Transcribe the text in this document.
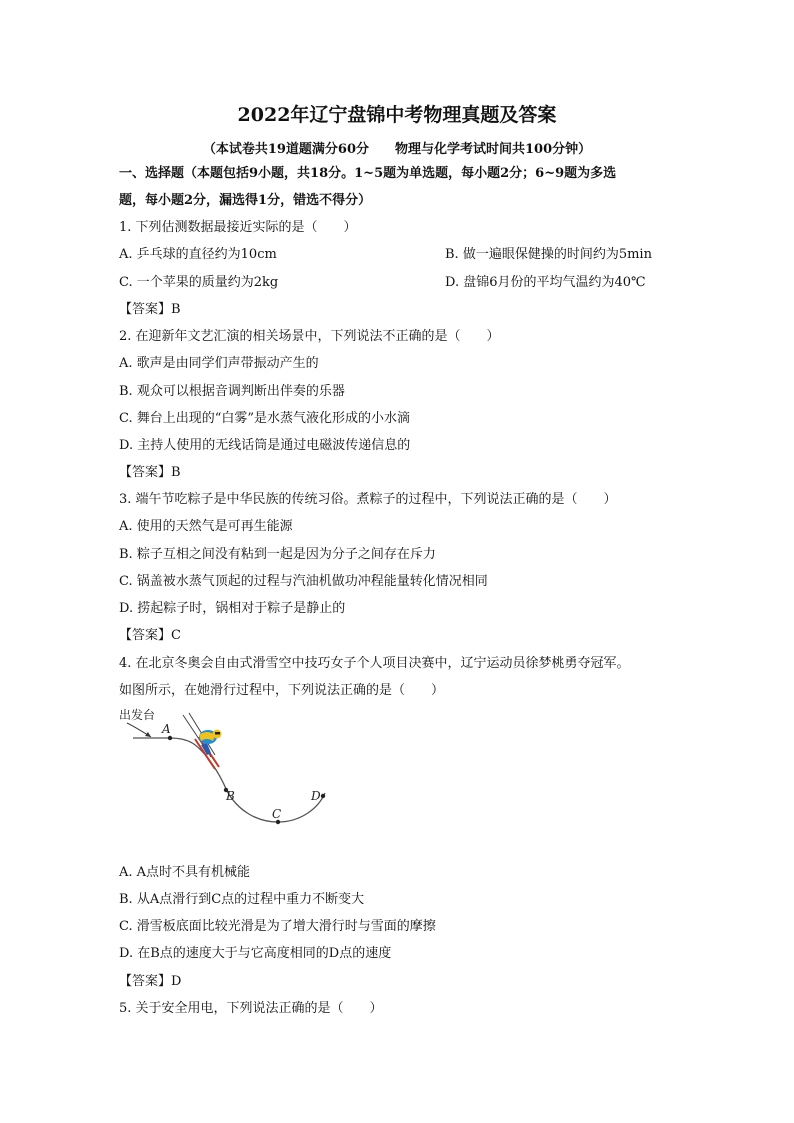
2022年辽宁盘锦中考物理真题及答案
（本试卷共19道题满分60分　　物理与化学考试时间共100分钟）
一、选择题（本题包括9小题，共18分。1~5题为单选题，每小题2分；6~9题为多选
题，每小题2分，漏选得1分，错选不得分）
1. 下列估测数据最接近实际的是（　　）
A. 乒乓球的直径约为10cm	B. 做一遍眼保健操的时间约为5min
C. 一个苹果的质量约为2kg	D. 盘锦6月份的平均气温约为40℃
【答案】B
2. 在迎新年文艺汇演的相关场景中，下列说法不正确的是（　　）
A. 歌声是由同学们声带振动产生的
B. 观众可以根据音调判断出伴奏的乐器
C. 舞台上出现的“白雾”是水蒸气液化形成的小水滴
D. 主持人使用的无线话筒是通过电磁波传递信息的
【答案】B
3. 端午节吃粽子是中华民族的传统习俗。煮粽子的过程中，下列说法正确的是（　　）
A. 使用的天然气是可再生能源
B. 粽子互相之间没有粘到一起是因为分子之间存在斥力
C. 锅盖被水蒸气顶起的过程与汽油机做功冲程能量转化情况相同
D. 捞起粽子时，锅相对于粽子是静止的
【答案】C
4. 在北京冬奥会自由式滑雪空中技巧女子个人项目决赛中，辽宁运动员徐梦桃勇夺冠军。
如图所示，在她滑行过程中，下列说法正确的是（　　）
出发台
A
B
C
D
A. A点时不具有机械能
B. 从A点滑行到C点的过程中重力不断变大
C. 滑雪板底面比较光滑是为了增大滑行时与雪面的摩擦
D. 在B点的速度大于与它高度相同的D点的速度
【答案】D
5. 关于安全用电，下列说法正确的是（　　）
